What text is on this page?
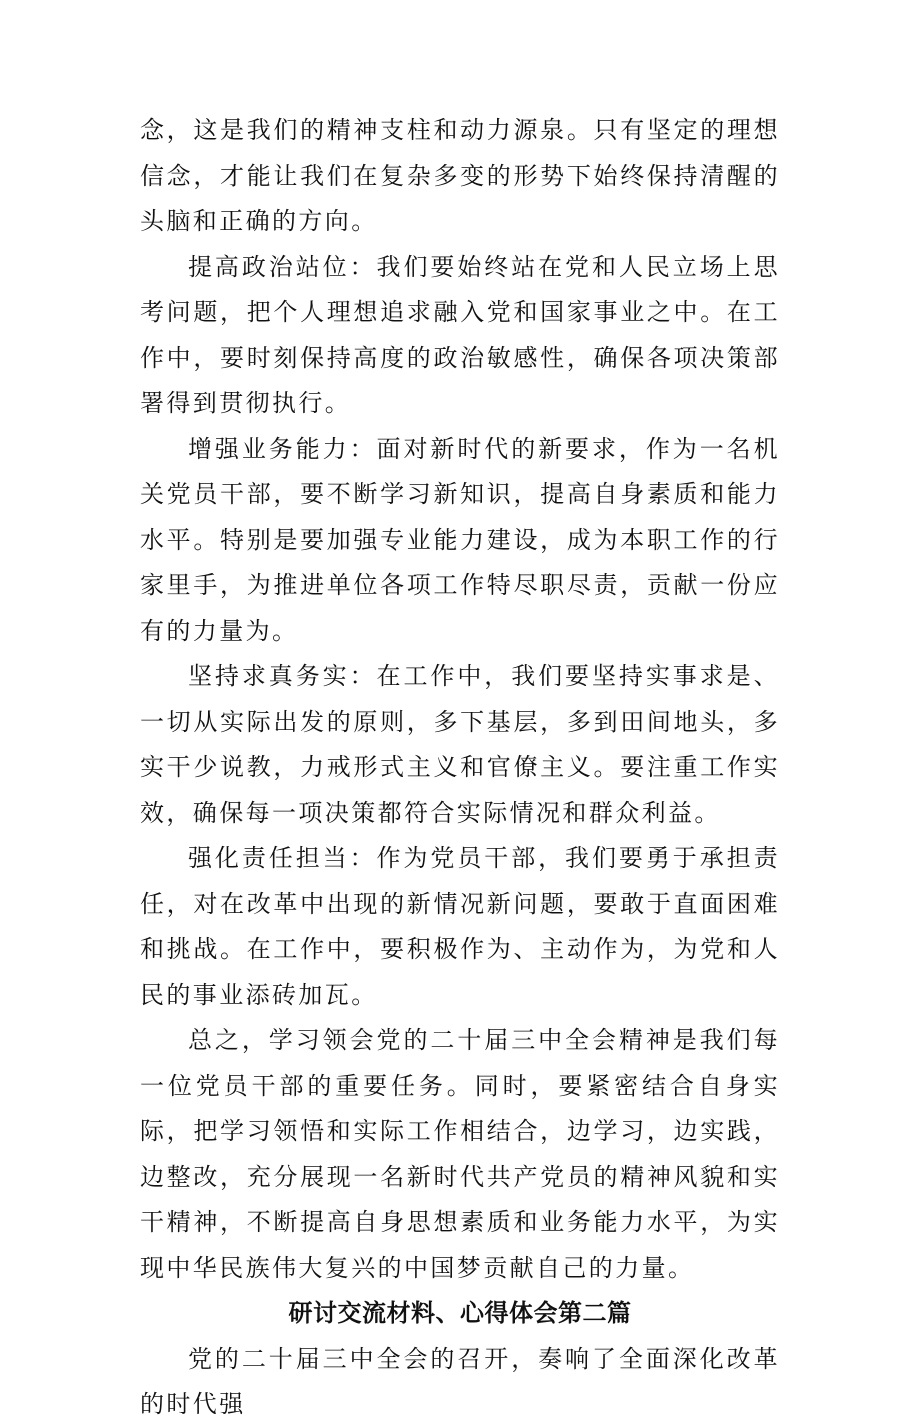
念，这是我们的精神支柱和动力源泉。只有坚定的理想信念，才能让我们在复杂多变的形势下始终保持清醒的头脑和正确的方向。

提高政治站位：我们要始终站在党和人民立场上思考问题，把个人理想追求融入党和国家事业之中。在工作中，要时刻保持高度的政治敏感性，确保各项决策部署得到贯彻执行。

增强业务能力：面对新时代的新要求，作为一名机关党员干部，要不断学习新知识，提高自身素质和能力水平。特别是要加强专业能力建设，成为本职工作的行家里手，为推进单位各项工作特尽职尽责，贡献一份应有的力量为。

坚持求真务实：在工作中，我们要坚持实事求是、一切从实际出发的原则，多下基层，多到田间地头，多实干少说教，力戒形式主义和官僚主义。要注重工作实效，确保每一项决策都符合实际情况和群众利益。

强化责任担当：作为党员干部，我们要勇于承担责任，对在改革中出现的新情况新问题，要敢于直面困难和挑战。在工作中，要积极作为、主动作为，为党和人民的事业添砖加瓦。

总之，学习领会党的二十届三中全会精神是我们每一位党员干部的重要任务。同时，要紧密结合自身实际，把学习领悟和实际工作相结合，边学习，边实践，边整改，充分展现一名新时代共产党员的精神风貌和实干精神，不断提高自身思想素质和业务能力水平，为实现中华民族伟大复兴的中国梦贡献自己的力量。

研讨交流材料、心得体会第二篇

党的二十届三中全会的召开，奏响了全面深化改革的时代强
